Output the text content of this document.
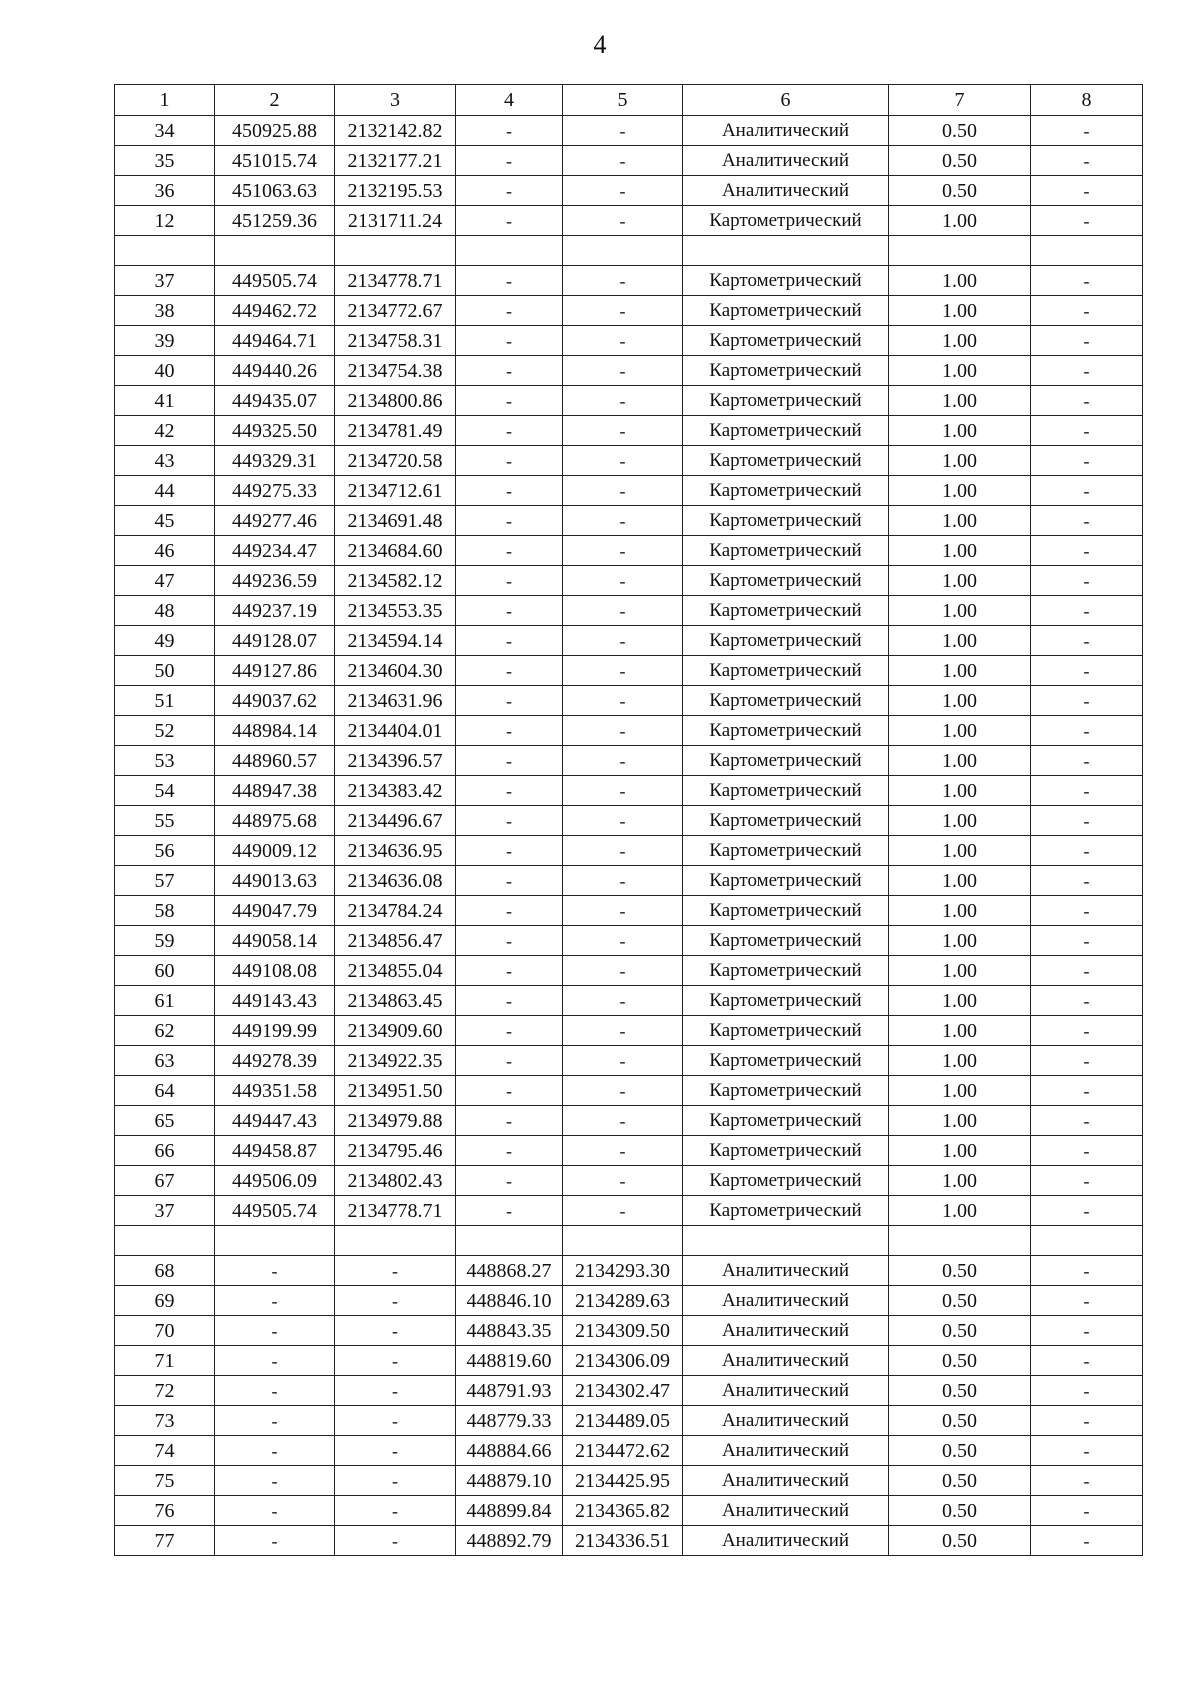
4
1	2	3	4	5	6	7	8
34	450925.88	2132142.82	-	-	Аналитический	0.50	-
35	451015.74	2132177.21	-	-	Аналитический	0.50	-
36	451063.63	2132195.53	-	-	Аналитический	0.50	-
12	451259.36	2131711.24	-	-	Картометрический	1.00	-

37	449505.74	2134778.71	-	-	Картометрический	1.00	-
38	449462.72	2134772.67	-	-	Картометрический	1.00	-
39	449464.71	2134758.31	-	-	Картометрический	1.00	-
40	449440.26	2134754.38	-	-	Картометрический	1.00	-
41	449435.07	2134800.86	-	-	Картометрический	1.00	-
42	449325.50	2134781.49	-	-	Картометрический	1.00	-
43	449329.31	2134720.58	-	-	Картометрический	1.00	-
44	449275.33	2134712.61	-	-	Картометрический	1.00	-
45	449277.46	2134691.48	-	-	Картометрический	1.00	-
46	449234.47	2134684.60	-	-	Картометрический	1.00	-
47	449236.59	2134582.12	-	-	Картометрический	1.00	-
48	449237.19	2134553.35	-	-	Картометрический	1.00	-
49	449128.07	2134594.14	-	-	Картометрический	1.00	-
50	449127.86	2134604.30	-	-	Картометрический	1.00	-
51	449037.62	2134631.96	-	-	Картометрический	1.00	-
52	448984.14	2134404.01	-	-	Картометрический	1.00	-
53	448960.57	2134396.57	-	-	Картометрический	1.00	-
54	448947.38	2134383.42	-	-	Картометрический	1.00	-
55	448975.68	2134496.67	-	-	Картометрический	1.00	-
56	449009.12	2134636.95	-	-	Картометрический	1.00	-
57	449013.63	2134636.08	-	-	Картометрический	1.00	-
58	449047.79	2134784.24	-	-	Картометрический	1.00	-
59	449058.14	2134856.47	-	-	Картометрический	1.00	-
60	449108.08	2134855.04	-	-	Картометрический	1.00	-
61	449143.43	2134863.45	-	-	Картометрический	1.00	-
62	449199.99	2134909.60	-	-	Картометрический	1.00	-
63	449278.39	2134922.35	-	-	Картометрический	1.00	-
64	449351.58	2134951.50	-	-	Картометрический	1.00	-
65	449447.43	2134979.88	-	-	Картометрический	1.00	-
66	449458.87	2134795.46	-	-	Картометрический	1.00	-
67	449506.09	2134802.43	-	-	Картометрический	1.00	-
37	449505.74	2134778.71	-	-	Картометрический	1.00	-

68	-	-	448868.27	2134293.30	Аналитический	0.50	-
69	-	-	448846.10	2134289.63	Аналитический	0.50	-
70	-	-	448843.35	2134309.50	Аналитический	0.50	-
71	-	-	448819.60	2134306.09	Аналитический	0.50	-
72	-	-	448791.93	2134302.47	Аналитический	0.50	-
73	-	-	448779.33	2134489.05	Аналитический	0.50	-
74	-	-	448884.66	2134472.62	Аналитический	0.50	-
75	-	-	448879.10	2134425.95	Аналитический	0.50	-
76	-	-	448899.84	2134365.82	Аналитический	0.50	-
77	-	-	448892.79	2134336.51	Аналитический	0.50	-
